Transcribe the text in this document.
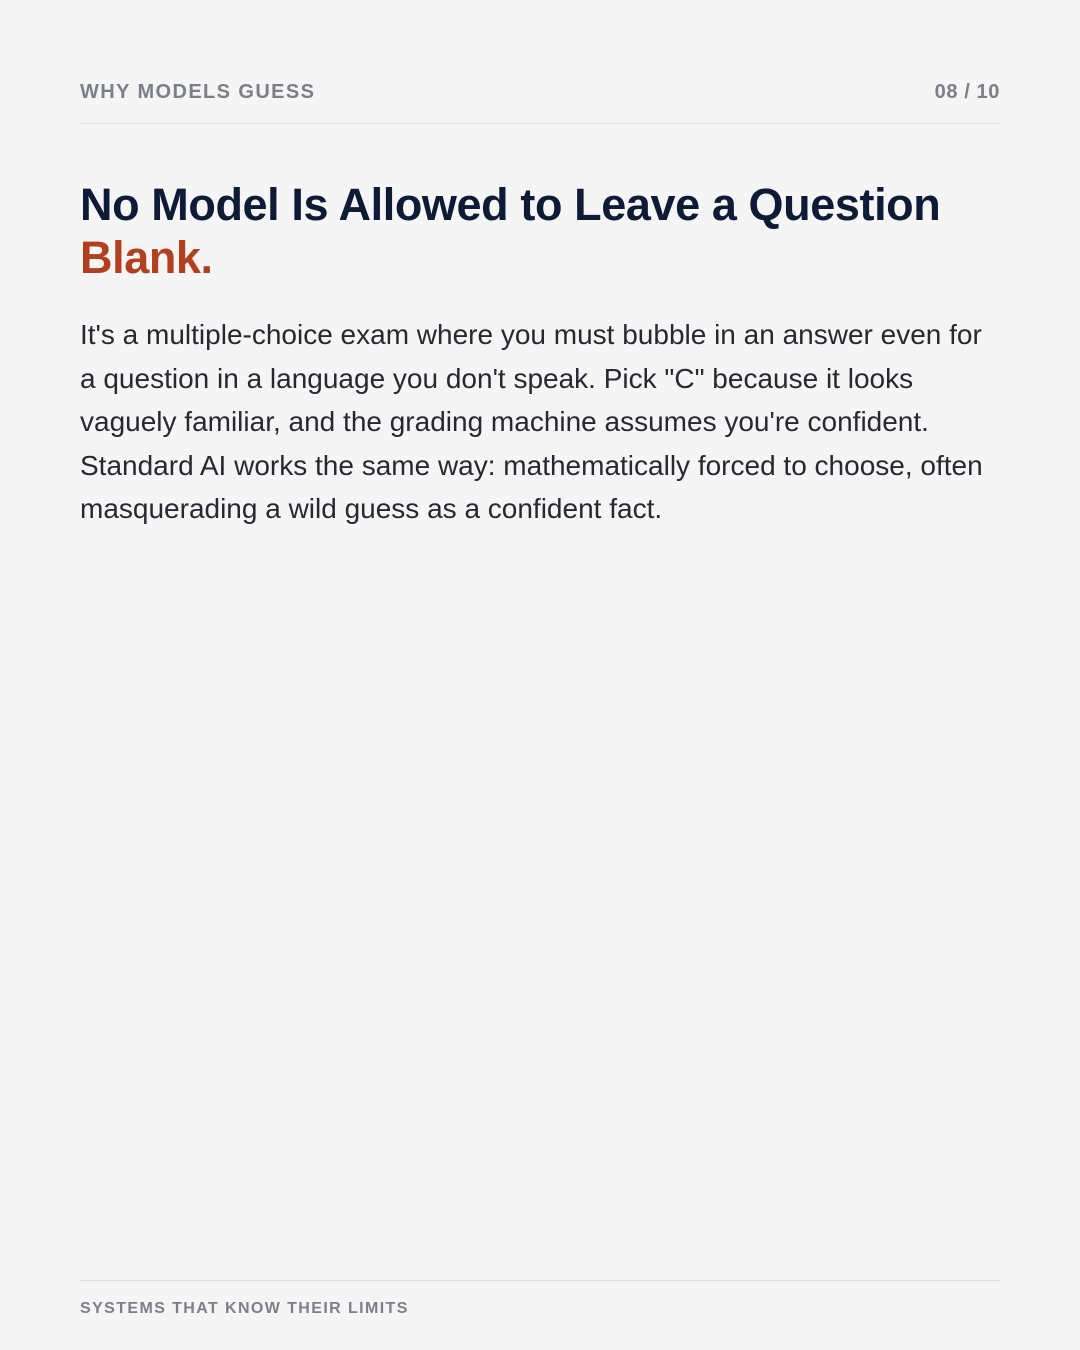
WHY MODELS GUESS	08 / 10
No Model Is Allowed to Leave a Question
Blank.

It's a multiple-choice exam where you must bubble in an answer even for a question in a language you don't speak. Pick "C" because it looks vaguely familiar, and the grading machine assumes you're confident. Standard AI works the same way: mathematically forced to choose, often masquerading a wild guess as a confident fact.

SYSTEMS THAT KNOW THEIR LIMITS
